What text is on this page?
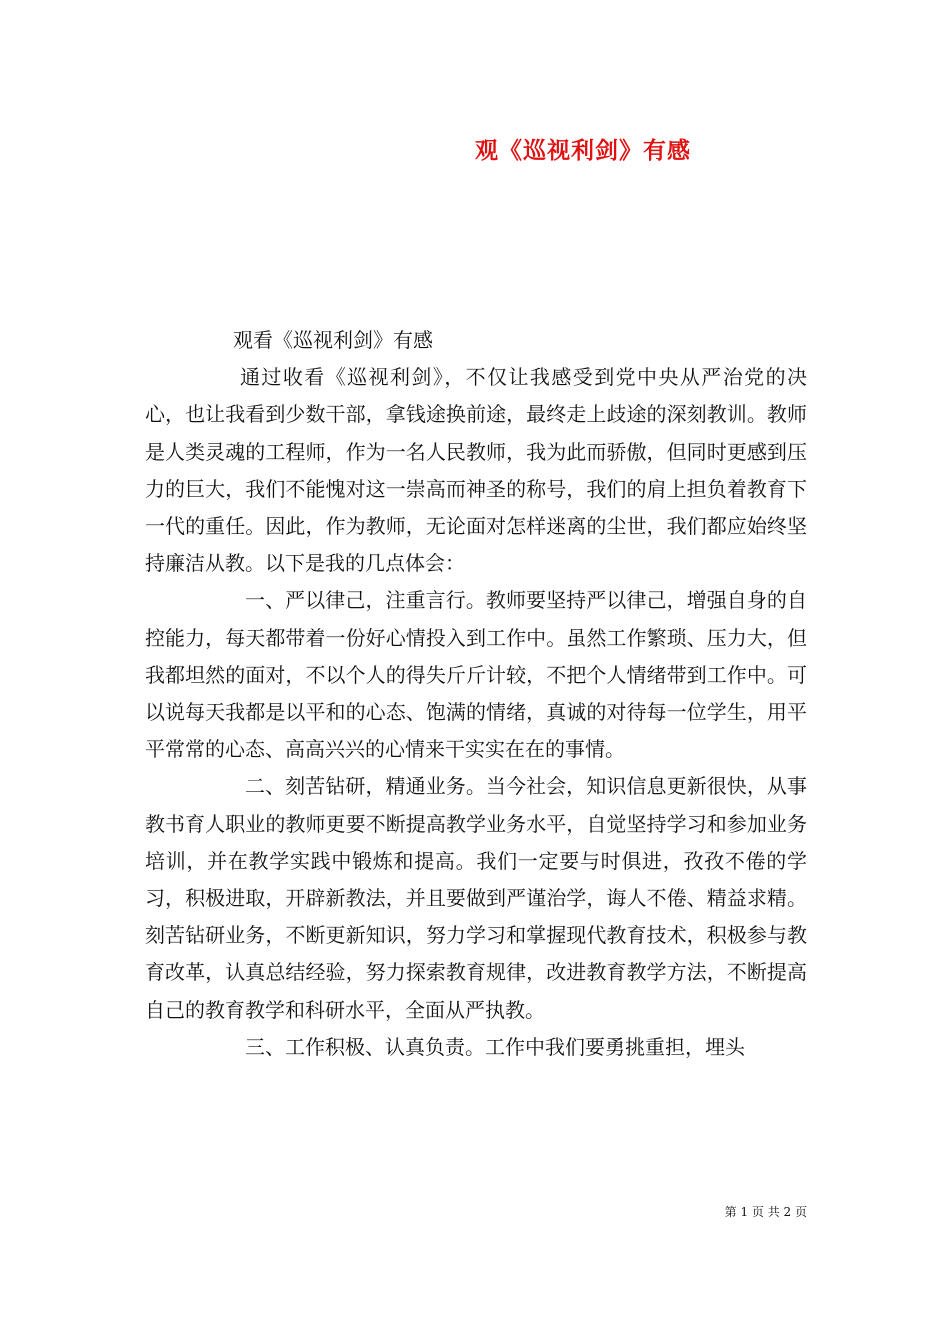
观《巡视利剑》有感

观看《巡视利剑》有感

通过收看《巡视利剑》，不仅让我感受到党中央从严治党的决心，也让我看到少数干部，拿钱途换前途，最终走上歧途的深刻教训。教师是人类灵魂的工程师，作为一名人民教师，我为此而骄傲，但同时更感到压力的巨大，我们不能愧对这一崇高而神圣的称号，我们的肩上担负着教育下一代的重任。因此，作为教师，无论面对怎样迷离的尘世，我们都应始终坚持廉洁从教。以下是我的几点体会：

一、严以律己，注重言行。教师要坚持严以律己，增强自身的自控能力，每天都带着一份好心情投入到工作中。虽然工作繁琐、压力大，但我都坦然的面对，不以个人的得失斤斤计较，不把个人情绪带到工作中。可以说每天我都是以平和的心态、饱满的情绪，真诚的对待每一位学生，用平平常常的心态、高高兴兴的心情来干实实在在的事情。

二、刻苦钻研，精通业务。当今社会，知识信息更新很快，从事教书育人职业的教师更要不断提高教学业务水平，自觉坚持学习和参加业务培训，并在教学实践中锻炼和提高。我们一定要与时俱进，孜孜不倦的学习，积极进取，开辟新教法，并且要做到严谨治学，诲人不倦、精益求精。刻苦钻研业务，不断更新知识，努力学习和掌握现代教育技术，积极参与教育改革，认真总结经验，努力探索教育规律，改进教育教学方法，不断提高自己的教育教学和科研水平，全面从严执教。

三、工作积极、认真负责。工作中我们要勇挑重担，埋头

第 1 页 共 2 页
